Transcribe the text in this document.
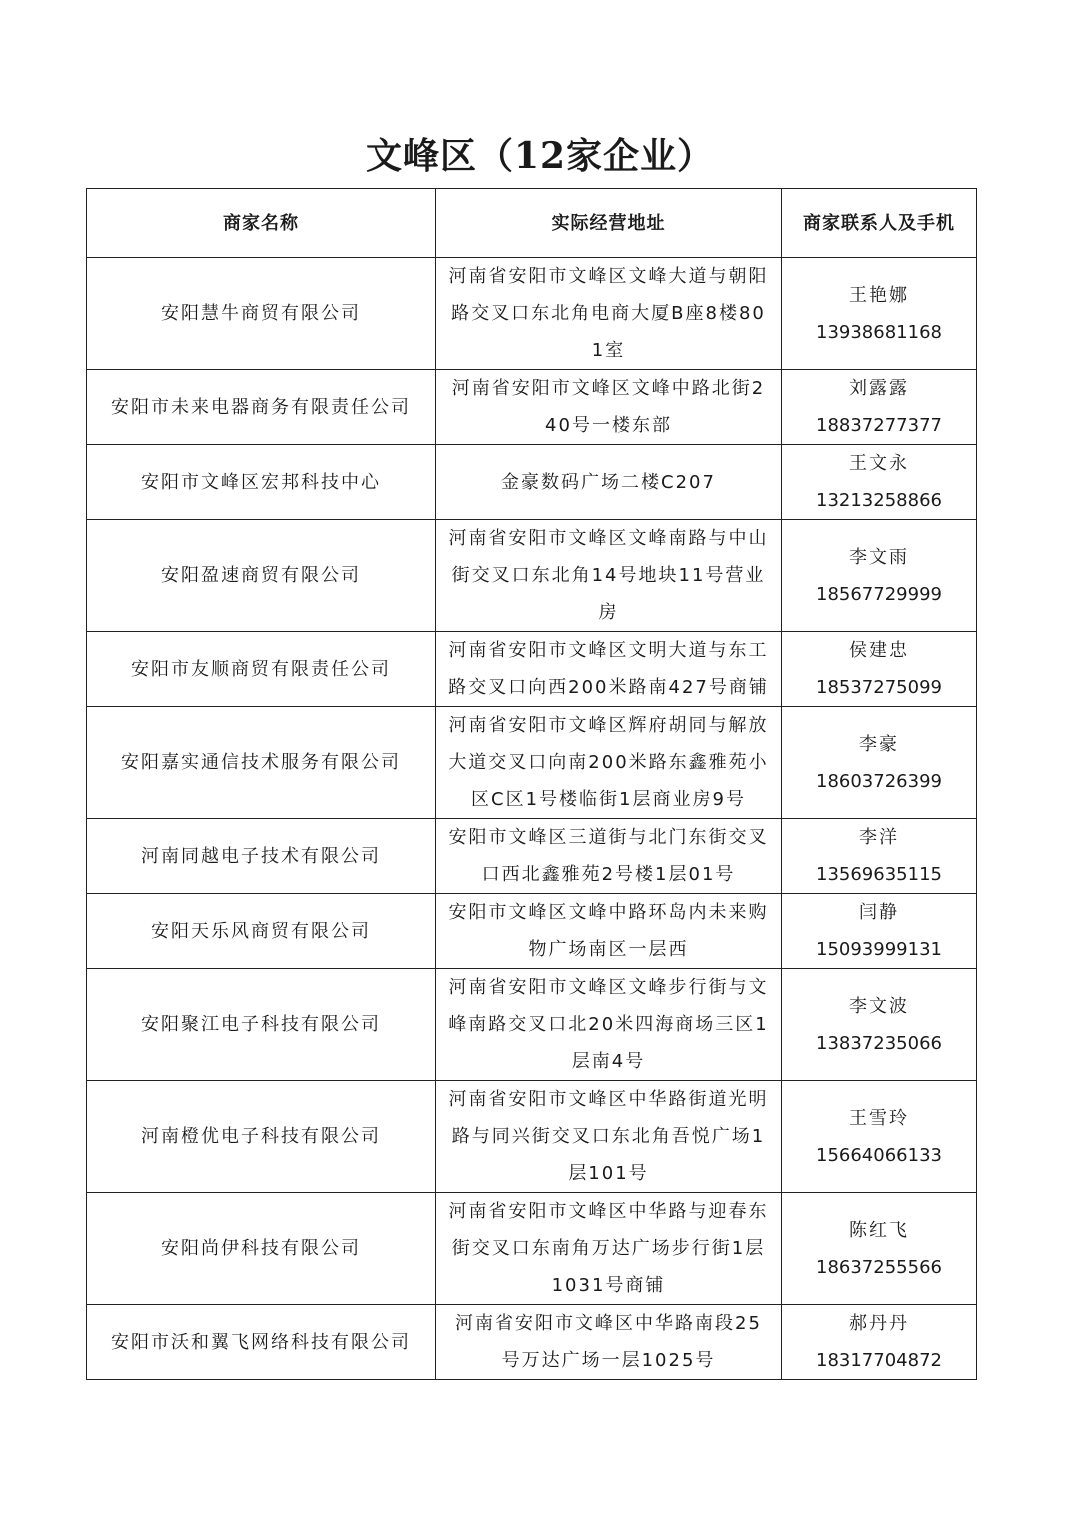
文峰区（12家企业）
商家名称	实际经营地址	商家联系人及手机
安阳慧牛商贸有限公司	河南省安阳市文峰区文峰大道与朝阳路交叉口东北角电商大厦B座8楼801室	王艳娜
13938681168

安阳市未来电器商务有限责任公司	河南省安阳市文峰区文峰中路北街240号一楼东部	刘露露
18837277377

安阳市文峰区宏邦科技中心	金豪数码广场二楼C207	王文永
13213258866

安阳盈速商贸有限公司	河南省安阳市文峰区文峰南路与中山街交叉口东北角14号地块11号营业房	李文雨
18567729999

安阳市友顺商贸有限责任公司	河南省安阳市文峰区文明大道与东工路交叉口向西200米路南427号商铺	侯建忠
18537275099

安阳嘉实通信技术服务有限公司	河南省安阳市文峰区辉府胡同与解放大道交叉口向南200米路东鑫雅苑小区C区1号楼临街1层商业房9号	李豪
18603726399

河南同越电子技术有限公司	安阳市文峰区三道街与北门东街交叉口西北鑫雅苑2号楼1层01号	李洋
13569635115

安阳天乐风商贸有限公司	安阳市文峰区文峰中路环岛内未来购物广场南区一层西	闫静
15093999131

安阳聚江电子科技有限公司	河南省安阳市文峰区文峰步行街与文峰南路交叉口北20米四海商场三区1层南4号	李文波
13837235066

河南橙优电子科技有限公司	河南省安阳市文峰区中华路街道光明路与同兴街交叉口东北角吾悦广场1层101号	王雪玲
15664066133

安阳尚伊科技有限公司	河南省安阳市文峰区中华路与迎春东街交叉口东南角万达广场步行街1层1031号商铺	陈红飞
18637255566

安阳市沃和翼飞网络科技有限公司	河南省安阳市文峰区中华路南段25号万达广场一层1025号	郝丹丹
18317704872
